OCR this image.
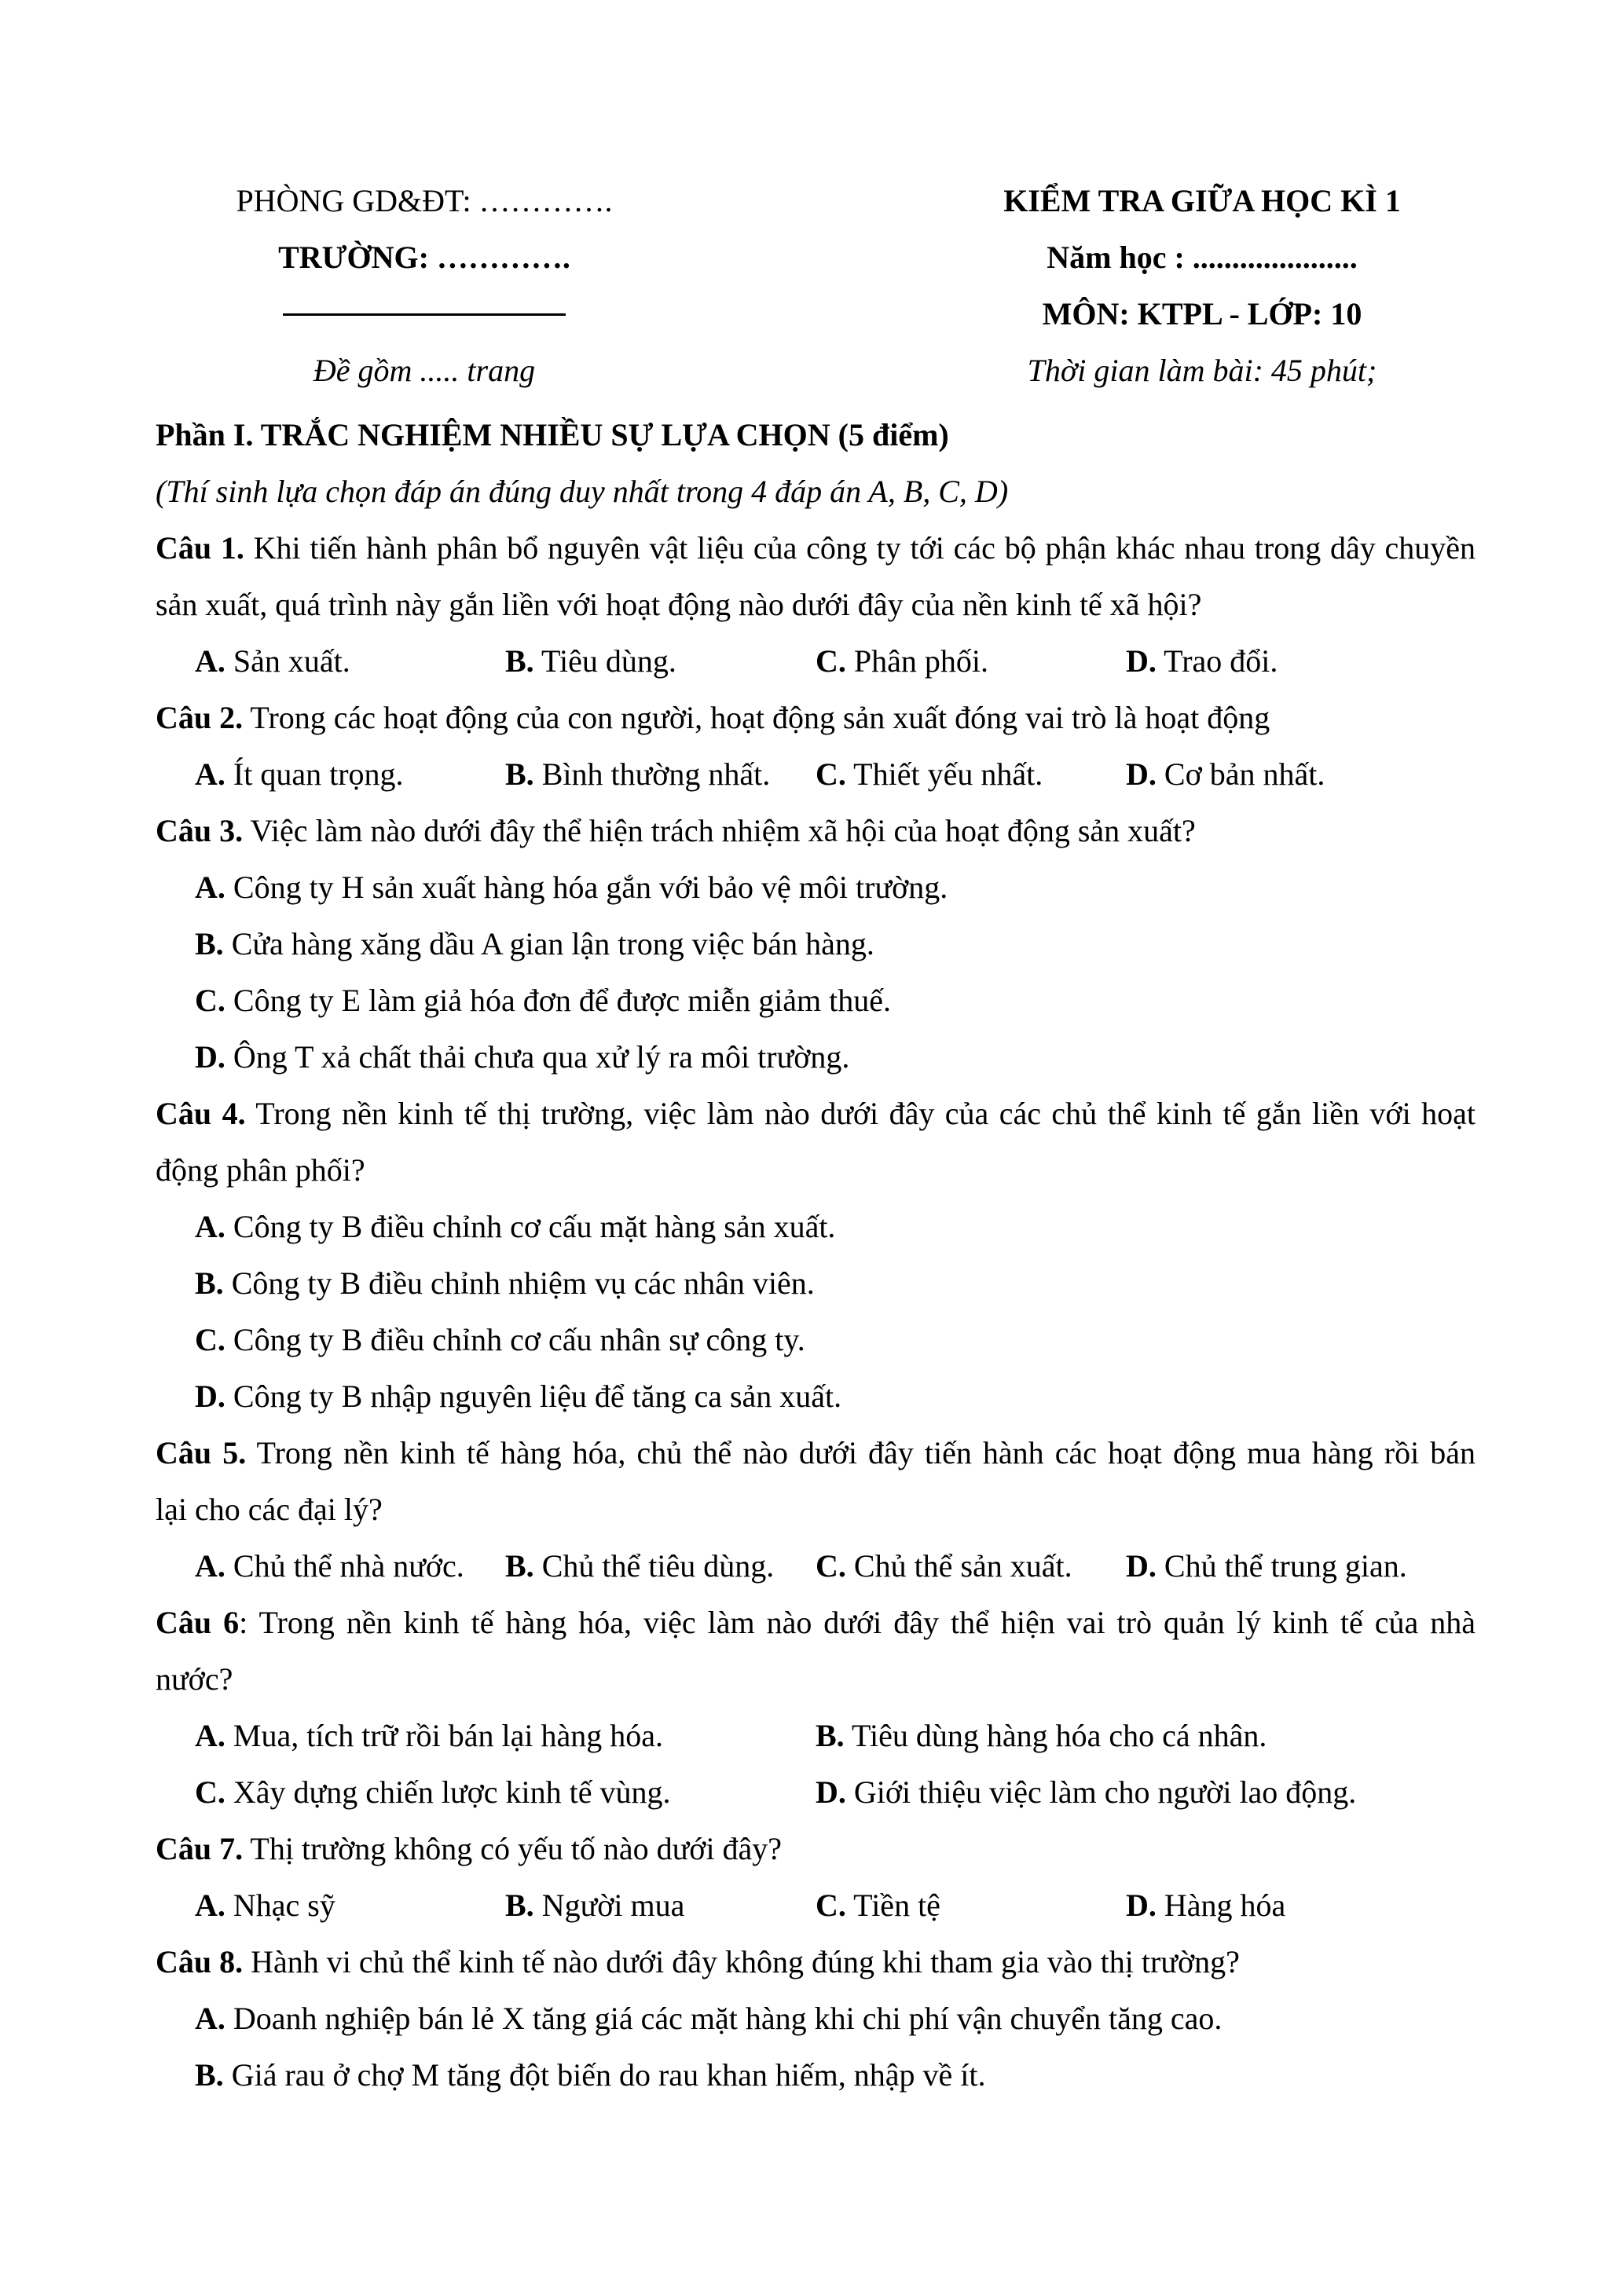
PHÒNG GD&ĐT: ………….
TRƯỜNG: ………….
Đề gồm ..... trang
KIỂM TRA GIỮA HỌC KÌ 1
Năm học : .....................
MÔN: KTPL - LỚP: 10
Thời gian làm bài: 45 phút;
Phần I. TRẮC NGHIỆM NHIỀU SỰ LỰA CHỌN (5 điểm)
(Thí sinh lựa chọn đáp án đúng duy nhất trong 4 đáp án A, B, C, D)
Câu 1. Khi tiến hành phân bổ nguyên vật liệu của công ty tới các bộ phận khác nhau trong dây chuyền
sản xuất, quá trình này gắn liền với hoạt động nào dưới đây của nền kinh tế xã hội?
A. Sản xuất.	B. Tiêu dùng.	C. Phân phối.	D. Trao đổi.
Câu 2. Trong các hoạt động của con người, hoạt động sản xuất đóng vai trò là hoạt động
A. Ít quan trọng.	B. Bình thường nhất. C. Thiết yếu nhất.	D. Cơ bản nhất.
Câu 3. Việc làm nào dưới đây thể hiện trách nhiệm xã hội của hoạt động sản xuất?
A. Công ty H sản xuất hàng hóa gắn với bảo vệ môi trường.
B. Cửa hàng xăng dầu A gian lận trong việc bán hàng.
C. Công ty E làm giả hóa đơn để được miễn giảm thuế.
D. Ông T xả chất thải chưa qua xử lý ra môi trường.
Câu 4. Trong nền kinh tế thị trường, việc làm nào dưới đây của các chủ thể kinh tế gắn liền với hoạt
động phân phối?
A. Công ty B điều chỉnh cơ cấu mặt hàng sản xuất.
B. Công ty B điều chỉnh nhiệm vụ các nhân viên.
C. Công ty B điều chỉnh cơ cấu nhân sự công ty.
D. Công ty B nhập nguyên liệu để tăng ca sản xuất.
Câu 5. Trong nền kinh tế hàng hóa, chủ thể nào dưới đây tiến hành các hoạt động mua hàng rồi bán
lại cho các đại lý?
A. Chủ thể nhà nước. B. Chủ thể tiêu dùng. C. Chủ thể sản xuất. D. Chủ thể trung gian.
Câu 6: Trong nền kinh tế hàng hóa, việc làm nào dưới đây thể hiện vai trò quản lý kinh tế của nhà
nước?
A. Mua, tích trữ rồi bán lại hàng hóa.	B. Tiêu dùng hàng hóa cho cá nhân.
C. Xây dựng chiến lược kinh tế vùng.	D. Giới thiệu việc làm cho người lao động.
Câu 7. Thị trường không có yếu tố nào dưới đây?
A. Nhạc sỹ	B. Người mua	C. Tiền tệ	D. Hàng hóa
Câu 8. Hành vi chủ thể kinh tế nào dưới đây không đúng khi tham gia vào thị trường?
A. Doanh nghiệp bán lẻ X tăng giá các mặt hàng khi chi phí vận chuyển tăng cao.
B. Giá rau ở chợ M tăng đột biến do rau khan hiếm, nhập về ít.
